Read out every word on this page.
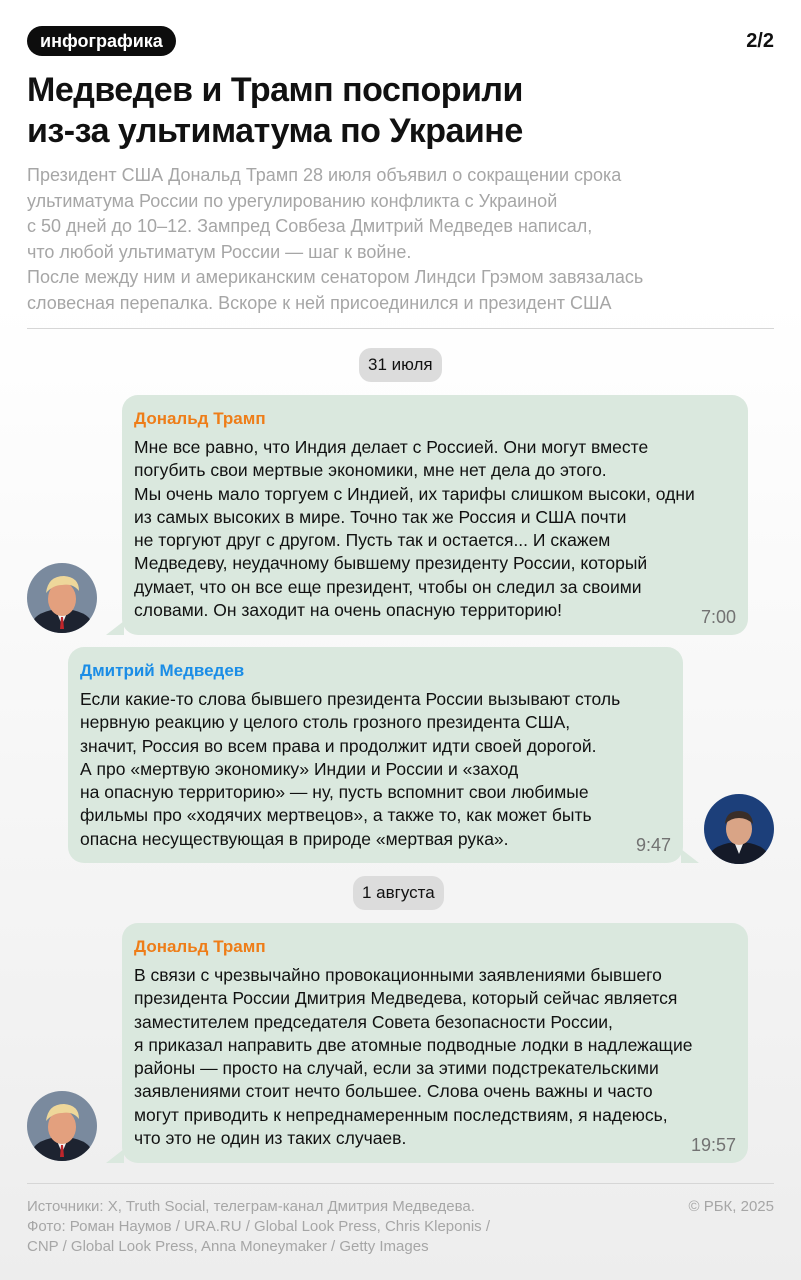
инфографика	2/2
Медведев и Трамп поспорили
из-за ультиматума по Украине
Президент США Дональд Трамп 28 июля объявил о сокращении срока
ультиматума России по урегулированию конфликта с Украиной
с 50 дней до 10–12. Зампред Совбеза Дмитрий Медведев написал,
что любой ультиматум России — шаг к войне.
После между ним и американским сенатором Линдси Грэмом завязалась
словесная перепалка. Вскоре к ней присоединился и президент США
31 июля
Дональд Трамп
Мне все равно, что Индия делает с Россией. Они могут вместе
погубить свои мертвые экономики, мне нет дела до этого.
Мы очень мало торгуем с Индией, их тарифы слишком высоки, одни
из самых высоких в мире. Точно так же Россия и США почти
не торгуют друг с другом. Пусть так и остается... И скажем
Медведеву, неудачному бывшему президенту России, который
думает, что он все еще президент, чтобы он следил за своими
словами. Он заходит на очень опасную территорию!	7:00
Дмитрий Медведев
Если какие-то слова бывшего президента России вызывают столь
нервную реакцию у целого столь грозного президента США,
значит, Россия во всем права и продолжит идти своей дорогой.
А про «мертвую экономику» Индии и России и «заход
на опасную территорию» — ну, пусть вспомнит свои любимые
фильмы про «ходячих мертвецов», а также то, как может быть
опасна несуществующая в природе «мертвая рука».	9:47
1 августа
Дональд Трамп
В связи с чрезвычайно провокационными заявлениями бывшего
президента России Дмитрия Медведева, который сейчас является
заместителем председателя Совета безопасности России,
я приказал направить две атомные подводные лодки в надлежащие
районы — просто на случай, если за этими подстрекательскими
заявлениями стоит нечто большее. Слова очень важны и часто
могут приводить к непреднамеренным последствиям, я надеюсь,
что это не один из таких случаев.	19:57
Источники: X, Truth Social, телеграм-канал Дмитрия Медведева.
Фото: Роман Наумов / URA.RU / Global Look Press, Chris Kleponis /
CNP / Global Look Press, Anna Moneymaker / Getty Images
© РБК, 2025
